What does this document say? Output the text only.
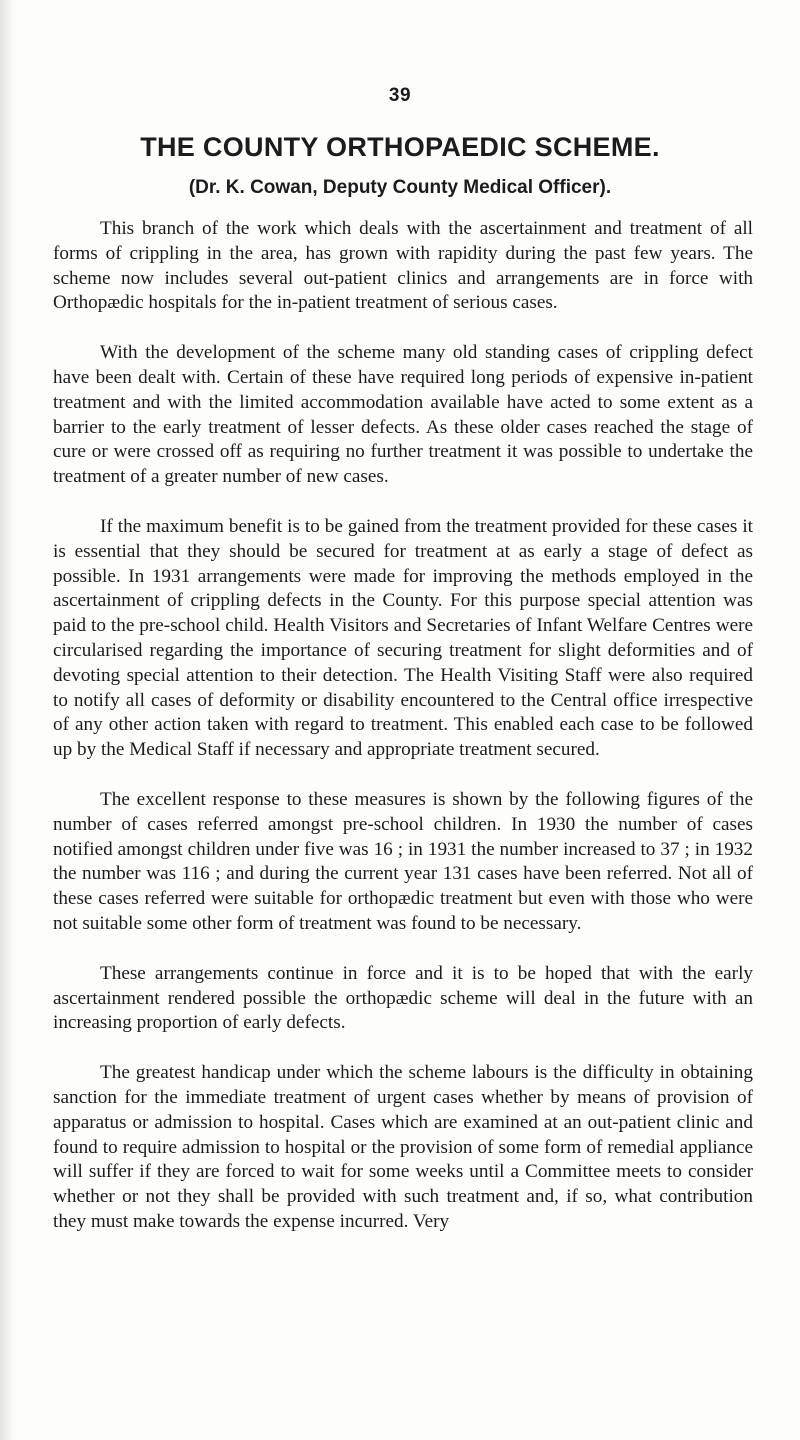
39
THE COUNTY ORTHOPAEDIC SCHEME.
(Dr. K. Cowan, Deputy County Medical Officer).

This branch of the work which deals with the ascertainment and treatment of all forms of crippling in the area, has grown with rapidity during the past few years. The scheme now includes several out-patient clinics and arrangements are in force with Orthopædic hospitals for the in-patient treatment of serious cases.

With the development of the scheme many old standing cases of crippling defect have been dealt with. Certain of these have required long periods of expensive in-patient treatment and with the limited accommodation available have acted to some extent as a barrier to the early treatment of lesser defects. As these older cases reached the stage of cure or were crossed off as requiring no further treatment it was possible to undertake the treatment of a greater number of new cases.

If the maximum benefit is to be gained from the treatment provided for these cases it is essential that they should be secured for treatment at as early a stage of defect as possible. In 1931 arrangements were made for improving the methods employed in the ascertainment of crippling defects in the County. For this purpose special attention was paid to the pre-school child. Health Visitors and Secretaries of Infant Welfare Centres were circularised regarding the importance of securing treatment for slight deformities and of devoting special attention to their detection. The Health Visiting Staff were also required to notify all cases of deformity or disability encountered to the Central office irrespective of any other action taken with regard to treatment. This enabled each case to be followed up by the Medical Staff if necessary and appropriate treatment secured.

The excellent response to these measures is shown by the following figures of the number of cases referred amongst pre-school children. In 1930 the number of cases notified amongst children under five was 16 ; in 1931 the number increased to 37 ; in 1932 the number was 116 ; and during the current year 131 cases have been referred. Not all of these cases referred were suitable for orthopædic treatment but even with those who were not suitable some other form of treatment was found to be necessary.

These arrangements continue in force and it is to be hoped that with the early ascertainment rendered possible the orthopædic scheme will deal in the future with an increasing proportion of early defects.

The greatest handicap under which the scheme labours is the difficulty in obtaining sanction for the immediate treatment of urgent cases whether by means of provision of apparatus or admission to hospital. Cases which are examined at an out-patient clinic and found to require admission to hospital or the provision of some form of remedial appliance will suffer if they are forced to wait for some weeks until a Committee meets to consider whether or not they shall be provided with such treatment and, if so, what contribution they must make towards the expense incurred. Very
